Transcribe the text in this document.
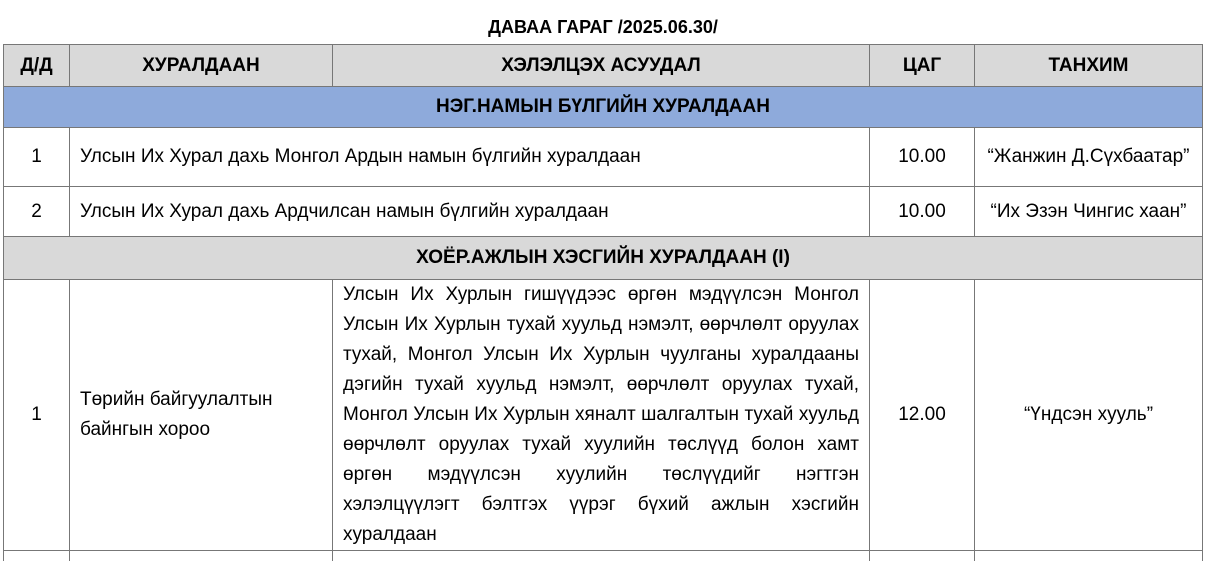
ДАВАА ГАРАГ /2025.06.30/
Д/Д	ХУРАЛДААН	ХЭЛЭЛЦЭХ АСУУДАЛ	ЦАГ	ТАНХИМ
НЭГ.НАМЫН БҮЛГИЙН ХУРАЛДААН				
1	Улсын Их Хурал дахь Монгол Ардын намын бүлгийн хуралдаан		10.00	“Жанжин Д.Сүхбаатар”
2	Улсын Их Хурал дахь Ардчилсан намын бүлгийн хуралдаан		10.00	“Их Эзэн Чингис хаан”
ХОЁР.АЖЛЫН ХЭСГИЙН ХУРАЛДААН (I)				
1	Төрийн байгуулалтын байнгын хороо	Улсын Их Хурлын гишүүдээс өргөн мэдүүлсэн Монгол Улсын Их Хурлын тухай хуульд нэмэлт, өөрчлөлт оруулах тухай, Монгол Улсын Их Хурлын чуулганы хуралдааны дэгийн тухай хуульд нэмэлт, өөрчлөлт оруулах тухай, Монгол Улсын Их Хурлын хяналт шалгалтын тухай хуульд өөрчлөлт оруулах тухай хуулийн төслүүд болон хамт өргөн мэдүүлсэн хуулийн төслүүдийг нэгтгэн хэлэлцүүлэгт бэлтгэх үүрэг бүхий ажлын хэсгийн хуралдаан	12.00	“Үндсэн хууль”
